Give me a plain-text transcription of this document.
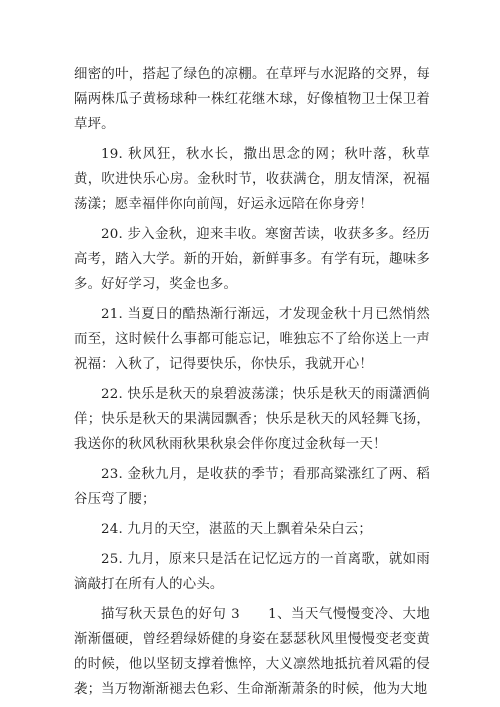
细密的叶，搭起了绿色的凉棚。在草坪与水泥路的交界，每隔两株瓜子黄杨球种一株红花继木球，好像植物卫士保卫着草坪。

19. 秋风狂，秋水长，撒出思念的网；秋叶落，秋草黄，吹进快乐心房。金秋时节，收获满仓，朋友情深，祝福荡漾；愿幸福伴你向前闯，好运永远陪在你身旁！

20. 步入金秋，迎来丰收。寒窗苦读，收获多多。经历高考，踏入大学。新的开始，新鲜事多。有学有玩，趣味多多。好好学习，奖金也多。

21. 当夏日的酷热渐行渐远，才发现金秋十月已然悄然而至，这时候什么事都可能忘记，唯独忘不了给你送上一声祝福：入秋了，记得要快乐，你快乐，我就开心！

22. 快乐是秋天的泉碧波荡漾；快乐是秋天的雨潇洒倘佯；快乐是秋天的果满园飘香；快乐是秋天的风轻舞飞扬，我送你的秋风秋雨秋果秋泉会伴你度过金秋每一天！

23. 金秋九月，是收获的季节；看那高粱涨红了两、稻谷压弯了腰；

24. 九月的天空，湛蓝的天上飘着朵朵白云；

25. 九月，原来只是活在记忆远方的一首离歌，就如雨滴敲打在所有人的心头。

描写秋天景色的好句 3　　1、当天气慢慢变冷、大地渐渐僵硬，曾经碧绿娇健的身姿在瑟瑟秋风里慢慢变老变黄的时候，他以坚韧支撑着憔悴，大义凛然地抵抗着风霜的侵袭；当万物渐渐褪去色彩、生命渐渐萧条的时候，他为大地
